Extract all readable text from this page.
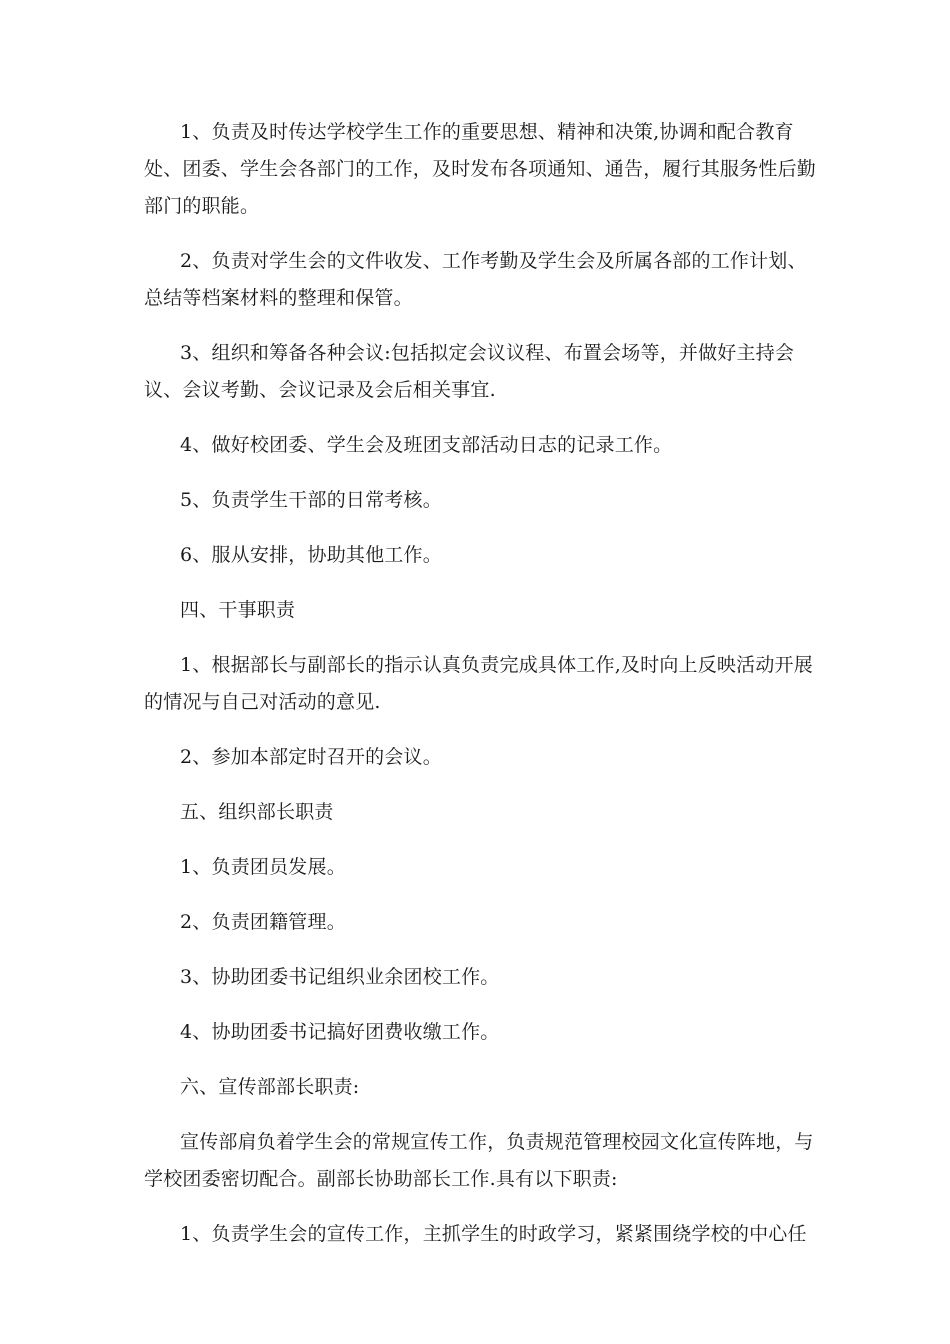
1、负责及时传达学校学生工作的重要思想、精神和决策,协调和配合教育处、团委、学生会各部门的工作，及时发布各项通知、通告，履行其服务性后勤部门的职能。

2、负责对学生会的文件收发、工作考勤及学生会及所属各部的工作计划、总结等档案材料的整理和保管。

3、组织和筹备各种会议:包括拟定会议议程、布置会场等，并做好主持会议、会议考勤、会议记录及会后相关事宜.

4、做好校团委、学生会及班团支部活动日志的记录工作。

5、负责学生干部的日常考核。

6、服从安排，协助其他工作。

四、干事职责

1、根据部长与副部长的指示认真负责完成具体工作,及时向上反映活动开展的情况与自己对活动的意见.

2、参加本部定时召开的会议。

五、组织部长职责

1、负责团员发展。

2、负责团籍管理。

3、协助团委书记组织业余团校工作。

4、协助团委书记搞好团费收缴工作。

六、宣传部部长职责:

宣传部肩负着学生会的常规宣传工作，负责规范管理校园文化宣传阵地，与学校团委密切配合。副部长协助部长工作.具有以下职责:

1、负责学生会的宣传工作，主抓学生的时政学习，紧紧围绕学校的中心任
